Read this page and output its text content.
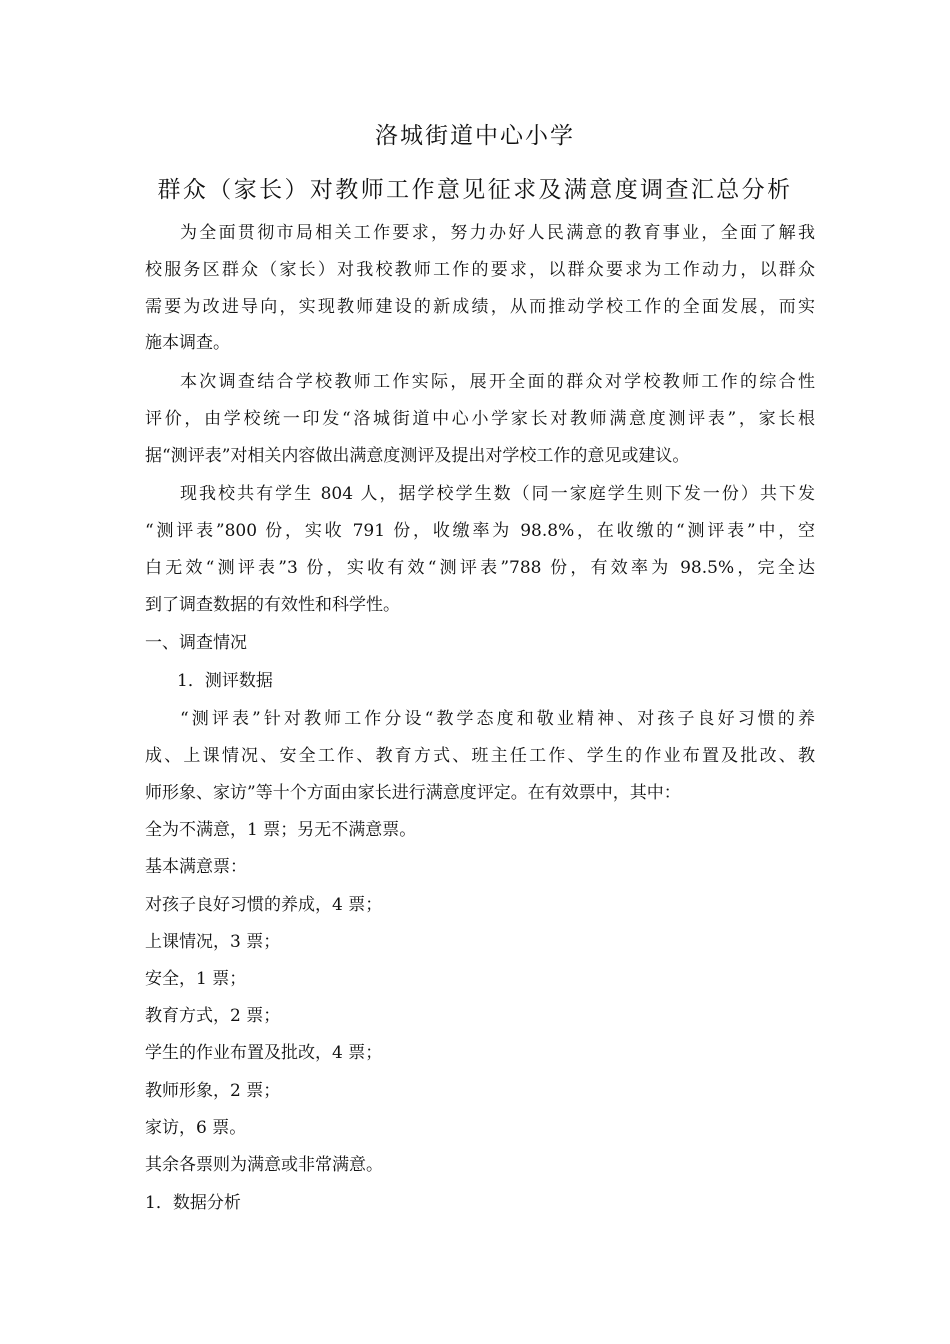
洛城街道中心小学
群众（家长）对教师工作意见征求及满意度调查汇总分析
为全面贯彻市局相关工作要求，努力办好人民满意的教育事业，全面了解我
校服务区群众（家长）对我校教师工作的要求，以群众要求为工作动力，以群众
需要为改进导向，实现教师建设的新成绩，从而推动学校工作的全面发展，而实
施本调查。
本次调查结合学校教师工作实际，展开全面的群众对学校教师工作的综合性
评价，由学校统一印发“洛城街道中心小学家长对教师满意度测评表”，家长根
据“测评表”对相关内容做出满意度测评及提出对学校工作的意见或建议。
现我校共有学生 804 人，据学校学生数（同一家庭学生则下发一份）共下发
“测评表”800 份，实收 791 份，收缴率为 98.8%，在收缴的“测评表”中，空
白无效“测评表”3 份，实收有效“测评表”788 份，有效率为 98.5%，完全达
到了调查数据的有效性和科学性。
一、调查情况
1．测评数据
“测评表”针对教师工作分设“教学态度和敬业精神、对孩子良好习惯的养
成、上课情况、安全工作、教育方式、班主任工作、学生的作业布置及批改、教
师形象、家访”等十个方面由家长进行满意度评定。在有效票中，其中：
全为不满意，1 票；另无不满意票。
基本满意票：
对孩子良好习惯的养成，4 票；
上课情况，3 票；
安全，1 票；
教育方式，2 票；
学生的作业布置及批改，4 票；
教师形象，2 票；
家访，6 票。
其余各票则为满意或非常满意。
1．数据分析
